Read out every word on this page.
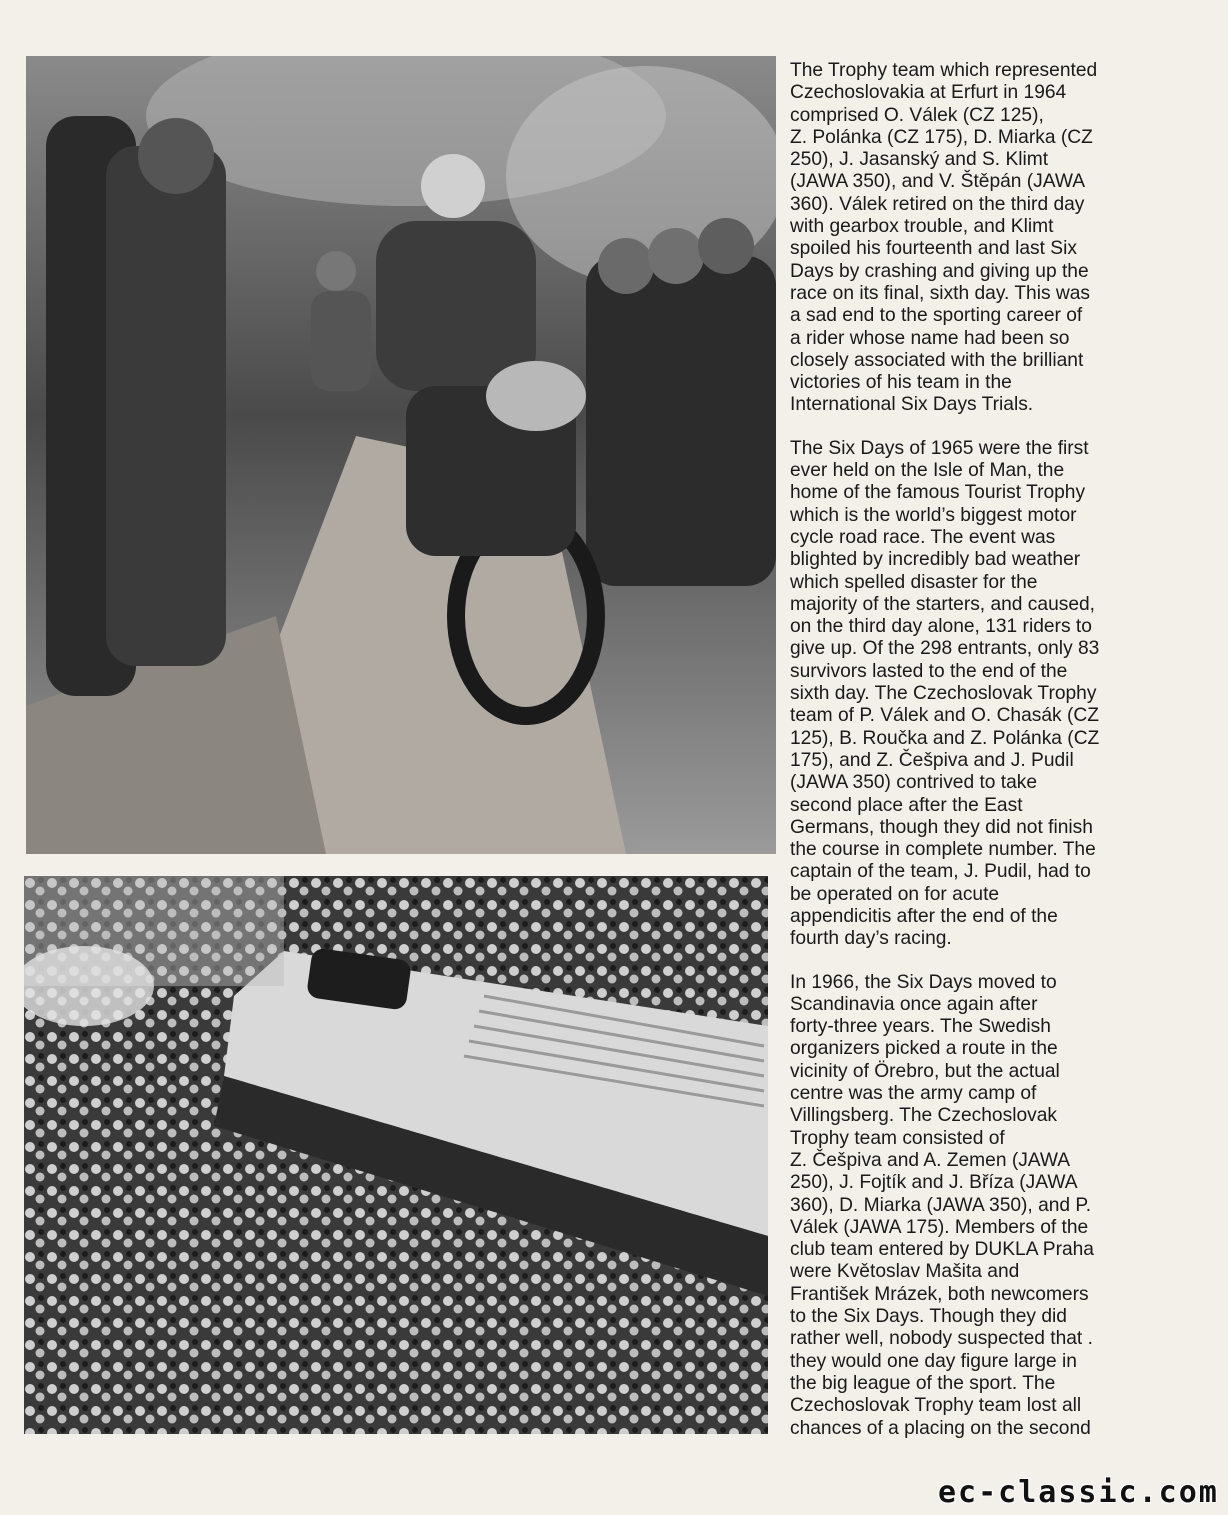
The Trophy team which represented
Czechoslovakia at Erfurt in 1964
comprised O. Válek (CZ 125),
Z. Polánka (CZ 175), D. Miarka (CZ
250), J. Jasanský and S. Klimt
(JAWA 350), and V. Štěpán (JAWA
360). Válek retired on the third day
with gearbox trouble, and Klimt
spoiled his fourteenth and last Six
Days by crashing and giving up the
race on its final, sixth day. This was
a sad end to the sporting career of
a rider whose name had been so
closely associated with the brilliant
victories of his team in the
International Six Days Trials.

The Six Days of 1965 were the first
ever held on the Isle of Man, the
home of the famous Tourist Trophy
which is the world’s biggest motor
cycle road race. The event was
blighted by incredibly bad weather
which spelled disaster for the
majority of the starters, and caused,
on the third day alone, 131 riders to
give up. Of the 298 entrants, only 83
survivors lasted to the end of the
sixth day. The Czechoslovak Trophy
team of P. Válek and O. Chasák (CZ
125), B. Roučka and Z. Polánka (CZ
175), and Z. Češpiva and J. Pudil
(JAWA 350) contrived to take
second place after the East
Germans, though they did not finish
the course in complete number. The
captain of the team, J. Pudil, had to
be operated on for acute
appendicitis after the end of the
fourth day’s racing.

In 1966, the Six Days moved to
Scandinavia once again after
forty-three years. The Swedish
organizers picked a route in the
vicinity of Örebro, but the actual
centre was the army camp of
Villingsberg. The Czechoslovak
Trophy team consisted of
Z. Češpiva and A. Zemen (JAWA
250), J. Fojtík and J. Bříza (JAWA
360), D. Miarka (JAWA 350), and P.
Válek (JAWA 175). Members of the
club team entered by DUKLA Praha
were Květoslav Mašita and
František Mrázek, both newcomers
to the Six Days. Though they did
rather well, nobody suspected that .
they would one day figure large in
the big league of the sport. The
Czechoslovak Trophy team lost all
chances of a placing on the second

ec-classic.com
